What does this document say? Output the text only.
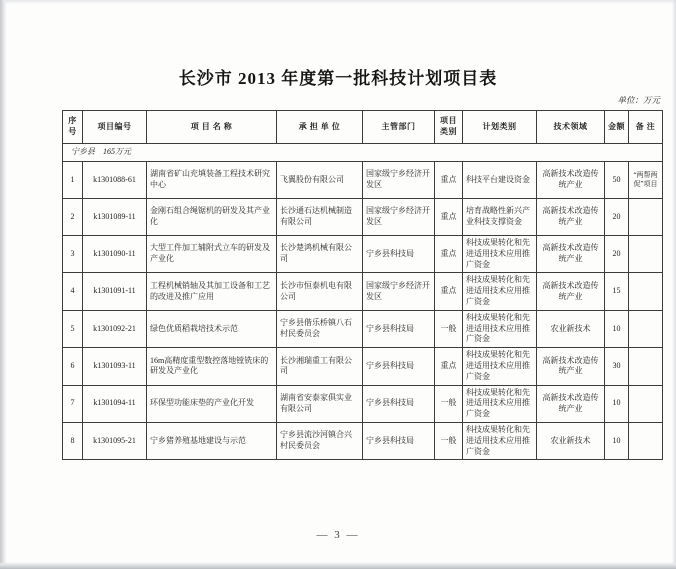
长沙市 2013 年度第一批科技计划项目表
单位：万元
序号	项目编号	项 目 名 称	承 担 单 位	主管部门	项目类别	计划类别	技术领域	金额	备 注
宁乡县　165万元									
1	k1301088-61	湖南省矿山充填装备工程技术研究中心	飞翼股份有限公司	国家级宁乡经济开发区	重点	科技平台建设资金	高新技术改造传统产业	50	“两帮两促”项目
2	k1301089-11	金刚石组合绳锯机的研发及其产业化	长沙通石达机械制造有限公司	国家级宁乡经济开发区	重点	培育战略性新兴产业科技支撑资金	高新技术改造传统产业	20	
3	k1301090-11	大型工件加工辅附式立车的研发及产业化	长沙楚鸿机械有限公司	宁乡县科技局	重点	科技成果转化和先进适用技术应用推广资金	高新技术改造传统产业	20	
4	k1301091-11	工程机械销轴及其加工设备和工艺的改进及推广应用	长沙市恒泰机电有限公司	国家级宁乡经济开发区	重点	科技成果转化和先进适用技术应用推广资金	高新技术改造传统产业	15	
5	k1301092-21	绿色优质稻栽培技术示范	宁乡县偕乐桥镇八石村民委员会	宁乡县科技局	一般	科技成果转化和先进适用技术应用推广资金	农业新技术	10	
6	k1301093-11	16m高精度重型数控落地镗铣床的研发及产业化	长沙湘瑞重工有限公司	宁乡县科技局	重点	科技成果转化和先进适用技术应用推广资金	高新技术改造传统产业	30	
7	k1301094-11	环保型功能床垫的产业化开发	湖南省安泰家俱实业有限公司	宁乡县科技局	一般	科技成果转化和先进适用技术应用推广资金	高新技术改造传统产业	10	
8	k1301095-21	宁乡猪养殖基地建设与示范	宁乡县流沙河镇合兴村民委员会	宁乡县科技局	一般	科技成果转化和先进适用技术应用推广资金	农业新技术	10	
— 3 —
